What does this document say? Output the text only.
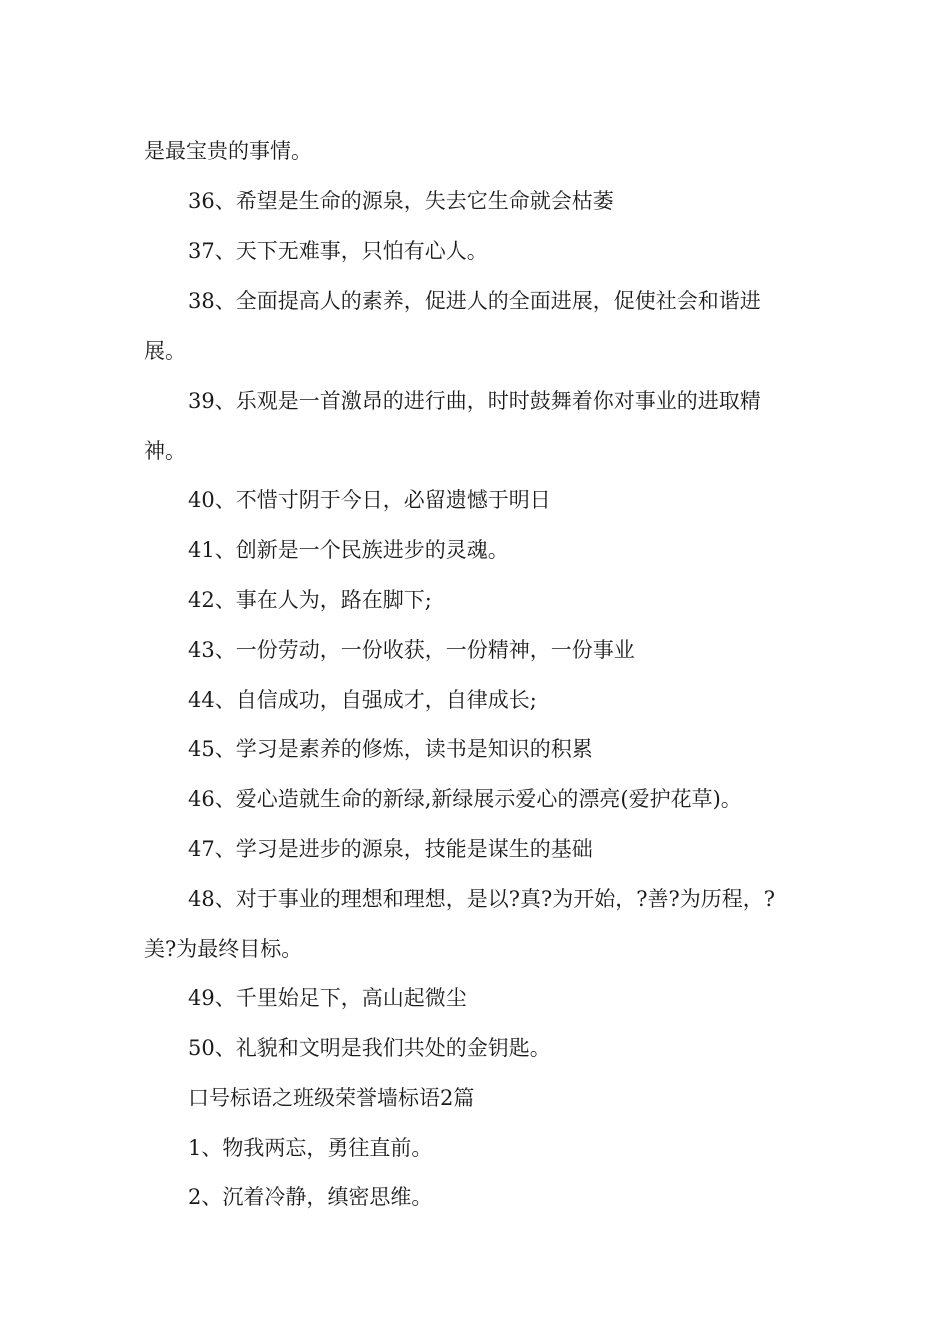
是最宝贵的事情。
36、希望是生命的源泉，失去它生命就会枯萎
37、天下无难事，只怕有心人。
38、全面提高人的素养，促进人的全面进展，促使社会和谐进
展。
39、乐观是一首激昂的进行曲，时时鼓舞着你对事业的进取精
神。
40、不惜寸阴于今日，必留遗憾于明日
41、创新是一个民族进步的灵魂。
42、事在人为，路在脚下;
43、一份劳动，一份收获，一份精神，一份事业
44、自信成功，自强成才，自律成长;
45、学习是素养的修炼，读书是知识的积累
46、爱心造就生命的新绿,新绿展示爱心的漂亮(爱护花草)。
47、学习是进步的源泉，技能是谋生的基础
48、对于事业的理想和理想，是以?真?为开始，?善?为历程，?
美?为最终目标。
49、千里始足下，高山起微尘
50、礼貌和文明是我们共处的金钥匙。
口号标语之班级荣誉墙标语2篇
1、物我两忘，勇往直前。
2、沉着冷静，缜密思维。
